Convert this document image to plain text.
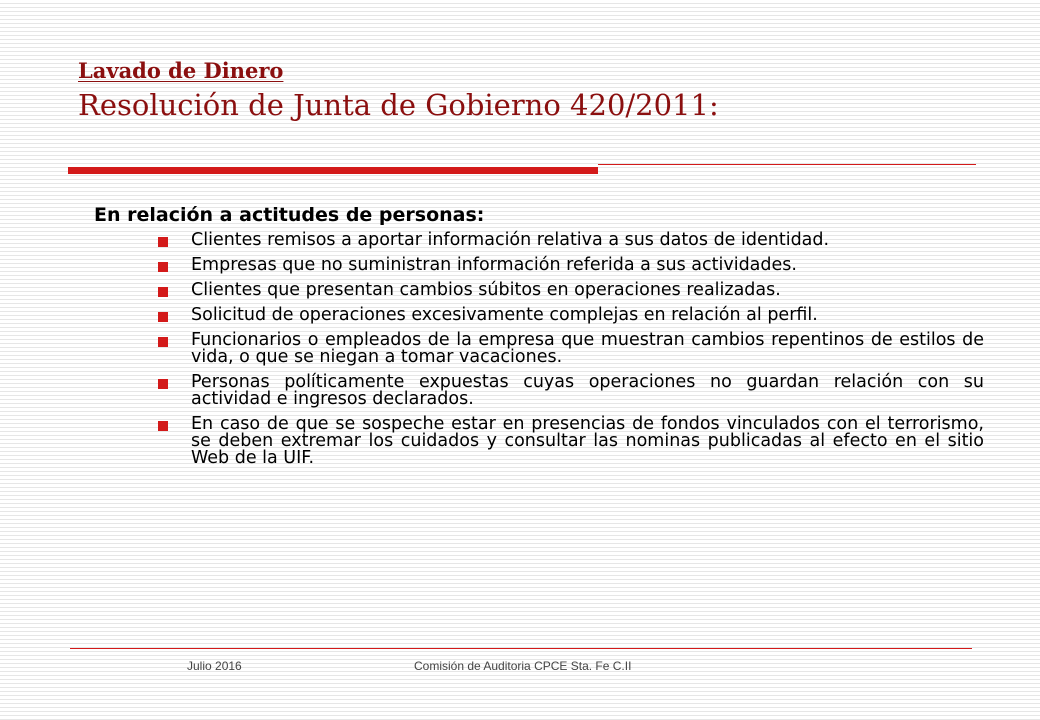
Lavado de Dinero
Resolución de Junta de Gobierno 420/2011:
En relación a actitudes de personas:
Clientes remisos a aportar información relativa a sus datos de identidad.
Empresas que no suministran información referida a sus actividades.
Clientes que presentan cambios súbitos en operaciones realizadas.
Solicitud de operaciones excesivamente complejas en relación al perfil.
Funcionarios o empleados de la empresa que muestran cambios repentinos de estilos de vida, o que se niegan a tomar vacaciones.
Personas políticamente expuestas cuyas operaciones no guardan relación con su actividad e ingresos declarados.
En caso de que se sospeche estar en presencias de fondos vinculados con el terrorismo, se deben extremar los cuidados y consultar las nominas publicadas al efecto en el sitio Web de la UIF.
Julio 2016	Comisión de Auditoria CPCE Sta. Fe C.II
